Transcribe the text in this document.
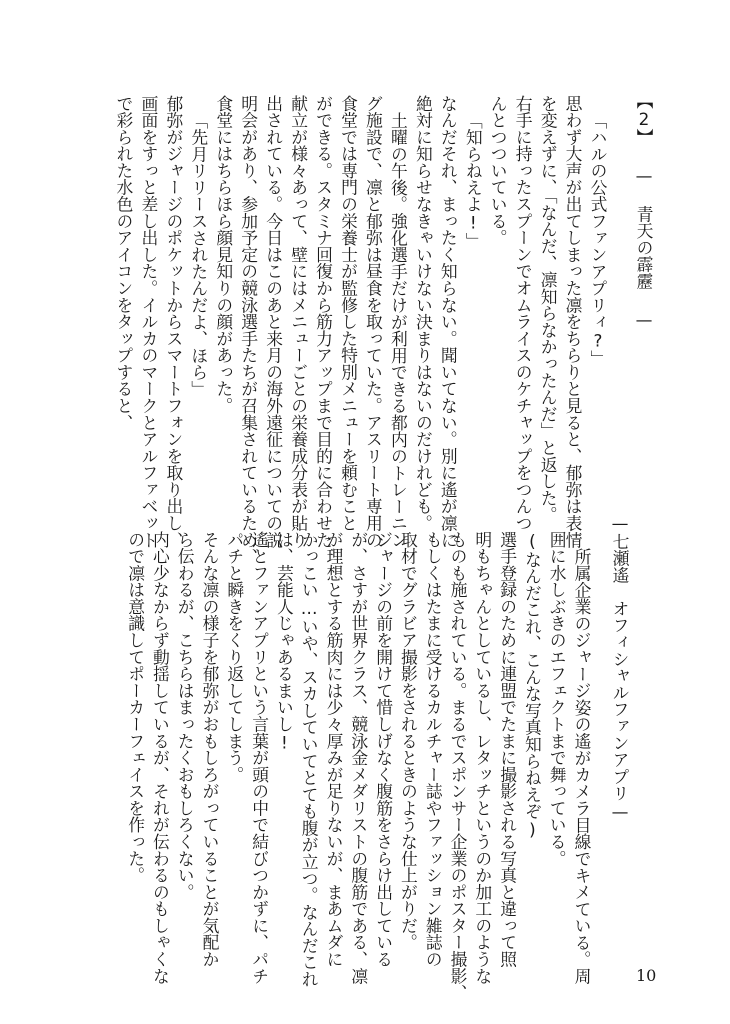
【2】 — 青天の霹靂 —
「ハルの公式ファンアプリィ?」
思わず大声が出てしまった凛をちらりと見ると、郁弥は表情
を変えずに、「なんだ、凛知らなかったんだ」と返した。
右手に持ったスプーンでオムライスのケチャップをつんつ
んとつついている。
「知らねえよ!」
なんだそれ、まったく知らない。聞いてない。別に遙が凛に
絶対に知らせなきゃいけない決まりはないのだけれども。
土曜の午後。強化選手だけが利用できる都内のトレーニン
グ施設で、凛と郁弥は昼食を取っていた。アスリート専用の
食堂では専門の栄養士が監修した特別メニューを頼むこと
ができる。スタミナ回復から筋力アップまで目的に合わせた
献立が様々あって、壁にはメニューごとの栄養成分表が貼り
出されている。今日はこのあと来月の海外遠征についての説
明会があり、参加予定の競泳選手たちが召集されているため、
食堂にはちらほら顔見知りの顔があった。
「先月リリースされたんだよ、ほら」
郁弥がジャージのポケットからスマートフォンを取り出し、
画面をすっと差し出した。イルカのマークとアルファベット
で彩られた水色のアイコンをタップすると、
—七瀬遙　オフィシャルファンアプリ—
所属企業のジャージ姿の遙がカメラ目線でキメている。周
囲に水しぶきのエフェクトまで舞っている。
(なんだこれ、こんな写真知らねえぞ)
選手登録のために連盟でたまに撮影される写真と違って照
明もちゃんとしているし、レタッチというのか加工のような
ものも施されている。まるでスポンサー企業のポスター撮影、
もしくはたまに受けるカルチャー誌やファッション雑誌の
取材でグラビア撮影をされるときのような仕上がりだ。
ジャージの前を開けて惜しげなく腹筋をさらけ出している
が、さすが世界クラス、競泳金メダリストの腹筋である、凛
が理想とする筋肉には少々厚みが足りないが、まあムダに
かっこい…いや、スカしていてとても腹が立つ。なんだこれ
は、芸能人じゃあるまいし!
遙とファンアプリという言葉が頭の中で結びつかずに、パチ
パチと瞬きをくり返してしまう。
そんな凛の様子を郁弥がおもしろがっていることが気配か
ら伝わるが、こちらはまったくおもしろくない。
内心少なからず動揺しているが、それが伝わるのもしゃくな
ので凛は意識してポーカーフェイスを作った。
10
